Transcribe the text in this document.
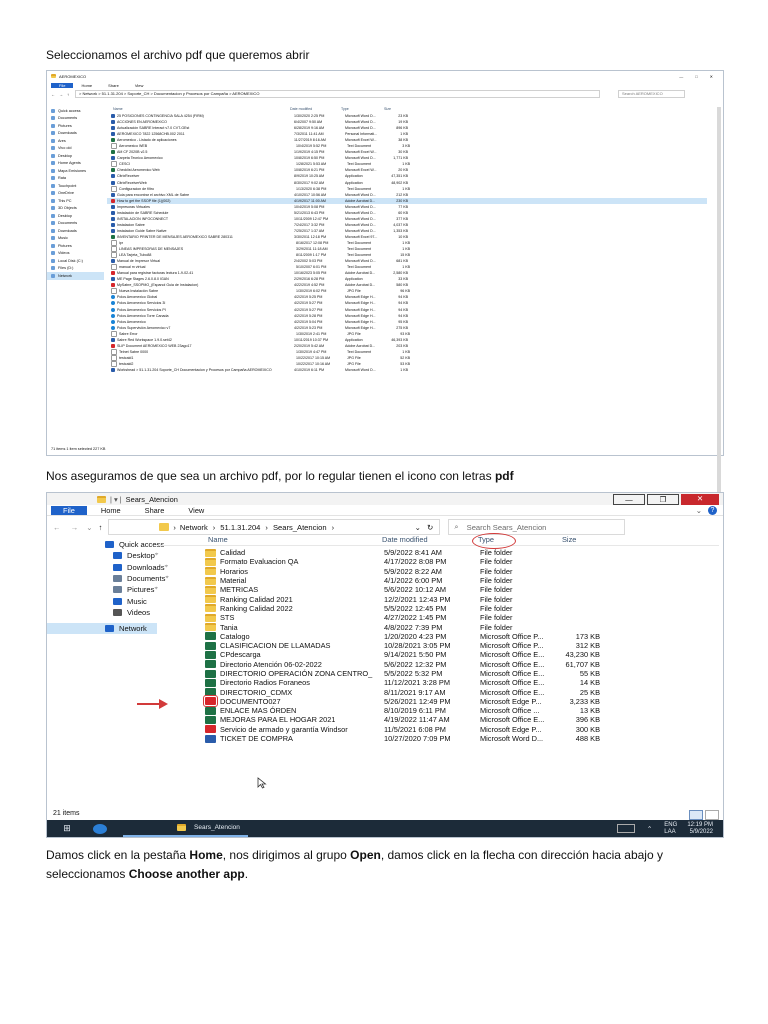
Seleccionamos el archivo pdf que queremos abrir
AEROMEXICO	—	□	✕
File	Home	Share	View
← → ↑	> Network > 51.1.31.204 > Soporte_CH > Documentacion y Procesos por Campaña > AEROMEXICO	Search AEROMEXICO
Quick access
Documents
Pictures
Downloads
Ares
Vivo old
Desktop
Home Agents
Mapa Emisiones
Rata
Touchpoint
OneDrive
This PC
3D Objects
Desktop
Documents
Downloads
Music
Pictures
Videos
Local Disk (C:)
Files (D:)
Network
Name	Date modified	Type	Size
25 POSICIONES CONTINGENCIA SALA 4254 (FIRM)	1/30/2020 2:25 PM	Microsoft Word D...	23 KB
ACCIONES EN AEROMEXICO	6/4/2007 9:50 AM	Microsoft Word D...	19 KB
Actualización SABRE Interact v7.0 CVT-GEst	6/28/2019 9:16 AM	Microsoft Word D...	896 KB
AEROMEXICO 7822 12568CHB.002 2011	7/3/2011 11:41 AM	Personal Informati...	1 KB
Aeromexico - Listado de aplicaciones	11/27/2019 8:16 AM	Microsoft Excel W...	38 KB
Aeromexico WEB	10/4/2019 5:52 PM	Text Document	3 KB
AM CF 2020B v2.5	1/19/2019 4:15 PM	Microsoft Excel W...	30 KB
Carpeta Tecnico Aeromexico	10/8/2019 6:50 PM	Microsoft Word D...	1,771 KB
CESCI	1/28/2021 5:53 AM	Text Document	1 KB
Checklist Aeromexico Web	10/8/2019 6:21 PM	Microsoft Excel W...	20 KB
CitrixReceiver	8/9/2019 10:25 AM	Application	47,351 KB
CitrixReceiverWeb	8/30/2017 9:02 AM	Application	48,902 KB
Configuracion de filtro	1/13/2020 6:38 PM	Text Document	1 KB
Guia para encontrar el archivo XML de Sabre	4/10/2017 10:56 AM	Microsoft Word D...	212 KB
How to get the SSOP file (1)(002)	4/19/2017 11:00 AM	Adobe Acrobat D...	230 KB
Impresoras Virtuales	10/4/2019 5:08 PM	Microsoft Word D...	77 KB
Instalación de SABRE Schedule	5/21/2013 6:43 PM	Microsoft Word D...	60 KB
INSTALACION INFOCONNECT	10/11/2009 12:47 PM	Microsoft Word D...	377 KB
Instalacion Sabre	7/24/2017 3:32 PM	Microsoft Word D...	4,037 KB
Instalacion Guide Sabre Native	7/25/2017 1:37 AM	Microsoft Word D...	1,353 KB
INVENTARIO PRINTER DE MENSAJES AEROMEXICO SABRE 280311	3/30/2011 12:18 PM	Microsoft Excel 97...	10 KB
ipr	8/16/2017 12:08 PM	Text Document	1 KB
LINEAS IMPRESORAS DE MENSAJES	3/29/2011 11:18 AM	Text Document	1 KB
LEA Tarjeta_Tubo88	8/11/2009 1:17 PM	Text Document	15 KB
Manual de Impresor Virtual	2/4/2002 5:03 PM	Microsoft Word D...	681 KB
manual m virtual	5/10/2007 6:01 PM	Text Document	1 KB
Manual para registrar facturas lectura 1-9-02-41	10/16/2023 5:05 PM	Adobe Acrobat D...	2,580 KB
ME Page Stages 2.6.0.8.0 IGAN	2/29/2016 6:28 PM	Application	33 KB
MySabre_SSOPMO_(Espanol Guia de Instalacion)	4/22/2019 4:52 PM	Adobe Acrobat D...	580 KB
Nueva Instalación Sabre	1/30/2019 6:02 PM	JPG File	96 KB
Polos Aeromexico Global	4/2/2019 5:25 PM	Microsoft Edge H...	94 KB
Polos Aeromexico Servicios 3I	4/2/2019 5:27 PM	Microsoft Edge H...	94 KB
Polos Aeromexico Servicios PI	4/2/2019 5:27 PM	Microsoft Edge H...	94 KB
Polos Aeromexico Torre Canada	4/2/2019 5:28 PM	Microsoft Edge H...	94 KB
Polos Aeromexico	4/2/2019 5:04 PM	Microsoft Edge H...	95 KB
Polos Supervisión Aeromexico v7	4/2/2019 5:23 PM	Microsoft Edge H...	275 KB
Sabre Error	1/30/2019 2:41 PM	JPG File	93 KB
Sabre Red Workspace 1.9.0.set42	10/11/2019 10:37 PM	Application	46,393 KB
SLIP Document AEROMEXICO WEB 23ago17	2/20/2019 5:42 AM	Adobe Acrobat D...	203 KB
Telnet Sabre 0000	1/30/2019 4:47 PM	Text Document	1 KB
testcaid1	10/22/2017 10:15 AM	JPG File	52 KB
testcaid2	10/22/2017 10:16 AM	JPG File	53 KB
Workshead > 51.1.31.204 Soporte_CH Documentacion y Procesos por Campaña AEROMEXICO	4/10/2019 6:11 PM	Microsoft Word D...	1 KB
71 items 1 item selected 227 KB
Nos aseguramos de que sea un archivo pdf, por lo regular tienen el icono con letras pdf
| ▾ | Sears_Atencion	—	❐	✕
File	Home	Share	View	⌄	?
← → ⌄ ↑	› Network › 51.1.31.204 › Sears_Atencion ›	⌄ ↻	⌕ Search Sears_Atencion
Quick access
Desktop ⌖
Downloads ⌖
Documents ⌖
Pictures ⌖
Music
Videos
Network
Name	Date modified	Type	Size
Calidad	5/9/2022 8:41 AM	File folder
Formato Evaluacion QA	4/17/2022 8:08 PM	File folder
Horarios	5/9/2022 8:22 AM	File folder
Material	4/1/2022 6:00 PM	File folder
METRICAS	5/6/2022 10:12 AM	File folder
Ranking Calidad 2021	12/2/2021 12:43 PM	File folder
Ranking Calidad 2022	5/5/2022 12:45 PM	File folder
STS	4/27/2022 1:45 PM	File folder
Tania	4/8/2022 7:39 PM	File folder
Catalogo	1/20/2020 4:23 PM	Microsoft Office P...	173 KB
CLASIFICACION DE LLAMADAS	10/28/2021 3:05 PM	Microsoft Office P...	312 KB
CPdescarga	9/14/2021 5:50 PM	Microsoft Office E...	43,230 KB
Directorio Atención 06-02-2022	5/6/2022 12:32 PM	Microsoft Office E...	61,707 KB
DIRECTORIO OPERACIÓN ZONA CENTRO_	5/5/2022 5:32 PM	Microsoft Office E...	55 KB
Directorio Radios Foraneos	11/12/2021 3:28 PM	Microsoft Office E...	14 KB
DIRECTORIO_CDMX	8/11/2021 9:17 AM	Microsoft Office E...	25 KB
DOCUMENTO027	5/26/2021 12:49 PM	Microsoft Edge P...	3,233 KB
ENLACE MAS ÓRDEN	8/10/2019 6:11 PM	Microsoft Office ...	13 KB
MEJORAS PARA EL HOGAR 2021	4/19/2022 11:47 AM	Microsoft Office E...	396 KB
Servicio de armado y garantía Windsor	11/5/2021 6:08 PM	Microsoft Edge P...	300 KB
TICKET DE COMPRA	10/27/2020 7:09 PM	Microsoft Word D...	488 KB
21 items
⊞	Sears_Atencion	⌃
ENG
LAA
12:19 PM
5/9/2022
Damos click en la pestaña Home, nos dirigimos al grupo Open, damos click en la flecha con dirección hacia abajo y seleccionamos Choose another app.
